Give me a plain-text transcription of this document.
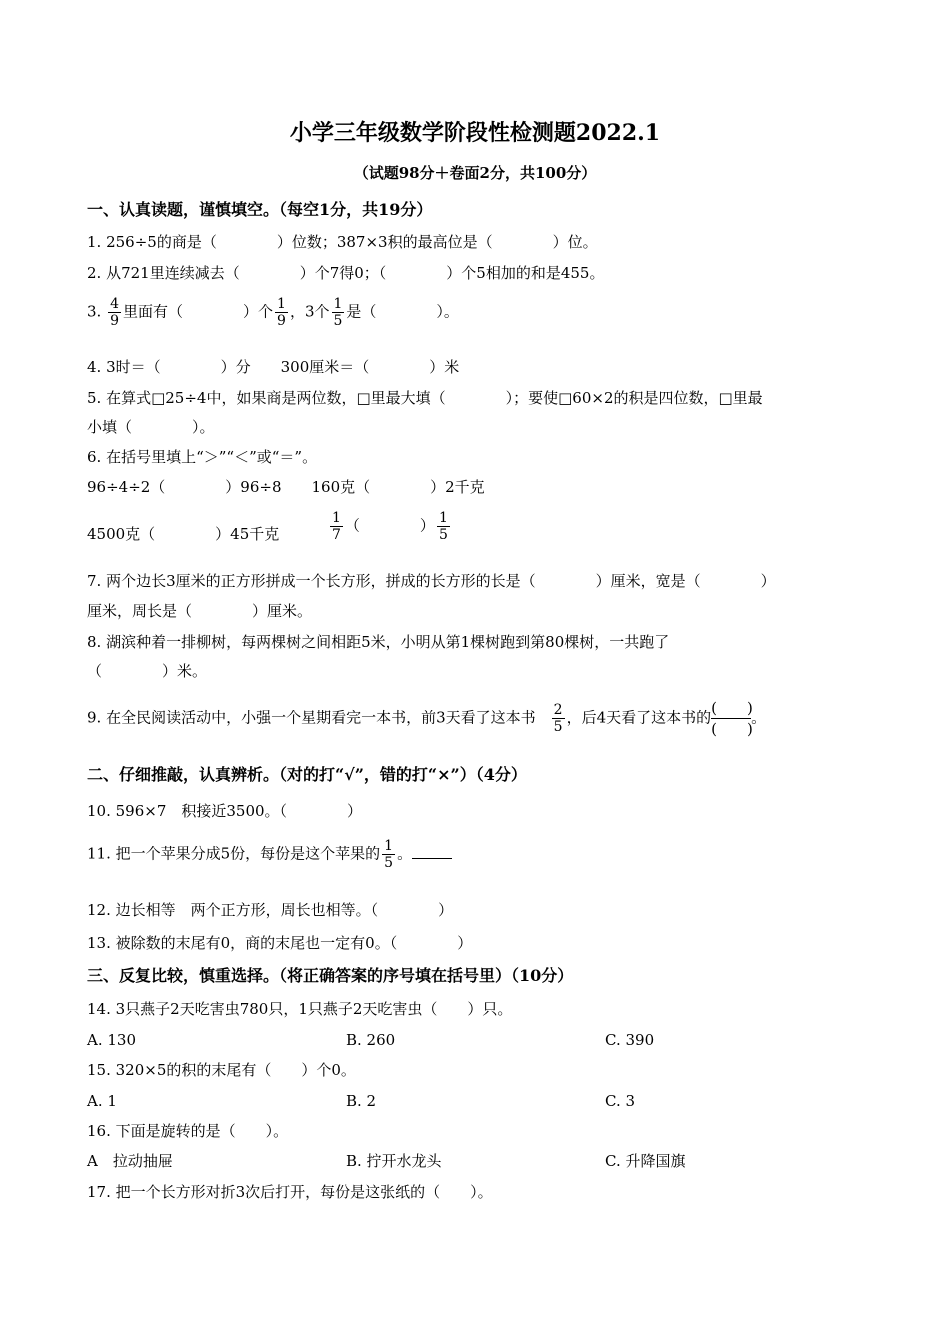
小学三年级数学阶段性检测题2022.1
（试题98分＋卷面2分，共100分）
一、认真读题，谨慎填空。（每空1分，共19分）
1. 256÷5的商是（　　　　）位数；387×3积的最高位是（　　　　）位。
2. 从721里连续减去（　　　　）个7得0；（　　　　）个5相加的和是455。
3. $\frac{4}{9}$ 里面有（　　　　）个 $\frac{1}{9}$ ，3个 $\frac{1}{5}$ 是（　　　　）。
4. 3时＝（　　　　）分　　300厘米＝（　　　　）米
5. 在算式□25÷4中，如果商是两位数，□里最大填（　　　　）；要使□60×2的积是四位数，□里最
小填（　　　　）。
6. 在括号里填上“＞”“＜”或“＝”。
96÷4÷2（　　　　）96÷8　　160克（　　　　）2千克
4500克（　　　　）45千克	$\frac{1}{7}$ （　　　　） $\frac{1}{5}$
7. 两个边长3厘米的正方形拼成一个长方形，拼成的长方形的长是（　　　　）厘米，宽是（　　　　）
厘米，周长是（　　　　）厘米。
8. 湖滨种着一排柳树，每两棵树之间相距5米，小明从第1棵树跑到第80棵树，一共跑了
（　　　　）米。
9. 在全民阅读活动中，小强一个星期看完一本书，前3天看了这本书 $\frac{2}{5}$ ，后4天看了这本书的
(　　)
(　　)
。
二、仔细推敲，认真辨析。（对的打“√”，错的打“×”）（4分）
10. 596×7　积接近3500。（　　　　）
11. 把一个苹果分成5份，每份是这个苹果的 $\frac{1}{5}$ 。
12. 边长相等　两个正方形，周长也相等。（　　　　）
13. 被除数的末尾有0，商的末尾也一定有0。（　　　　）
三、反复比较，慎重选择。（将正确答案的序号填在括号里）（10分）
14. 3只燕子2天吃害虫780只，1只燕子2天吃害虫（　　）只。
A. 130	B. 260	C. 390
15. 320×5的积的末尾有（　　）个0。
A. 1	B. 2	C. 3
16. 下面是旋转的是（　　）。
A　拉动抽屉	B. 拧开水龙头	C. 升降国旗
17. 把一个长方形对折3次后打开，每份是这张纸的（　　）。
